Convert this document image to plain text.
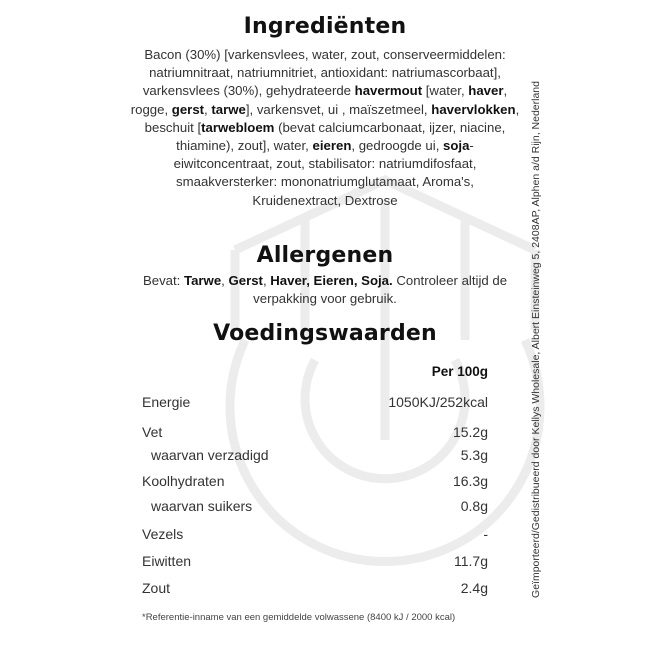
Ingrediënten
Bacon (30%) [varkensvlees, water, zout, conserveermiddelen: natriumnitraat, natriumnitriet, antioxidant: natriumascorbaat], varkensvlees (30%), gehydrateerde havermout [water, haver, rogge, gerst, tarwe], varkensvet, ui , maïszetmeel, havervlokken, beschuit [tarwebloem (bevat calciumcarbonaat, ijzer, niacine, thiamine), zout], water, eieren, gedroogde ui, soja-eiwitconcentraat, zout, stabilisator: natriumdifosfaat, smaakversterker: mononatriumglutamaat, Aroma's, Kruidenextract, Dextrose
Allergenen
Bevat: Tarwe, Gerst, Haver, Eieren, Soja. Controleer altijd de verpakking voor gebruik.
Voedingswaarden
Per 100g
Energie	1050KJ/252kcal
Vet	15.2g
waarvan verzadigd	5.3g
Koolhydraten	16.3g
waarvan suikers	0.8g
Vezels	-
Eiwitten	11.7g
Zout	2.4g
*Referentie-inname van een gemiddelde volwassene (8400 kJ / 2000 kcal)
Geïmporteerd/Gedistribueerd door Kellys Wholesale, Albert Einsteinweg 5, 2408AP, Alphen a/d Rijn, Nederland
